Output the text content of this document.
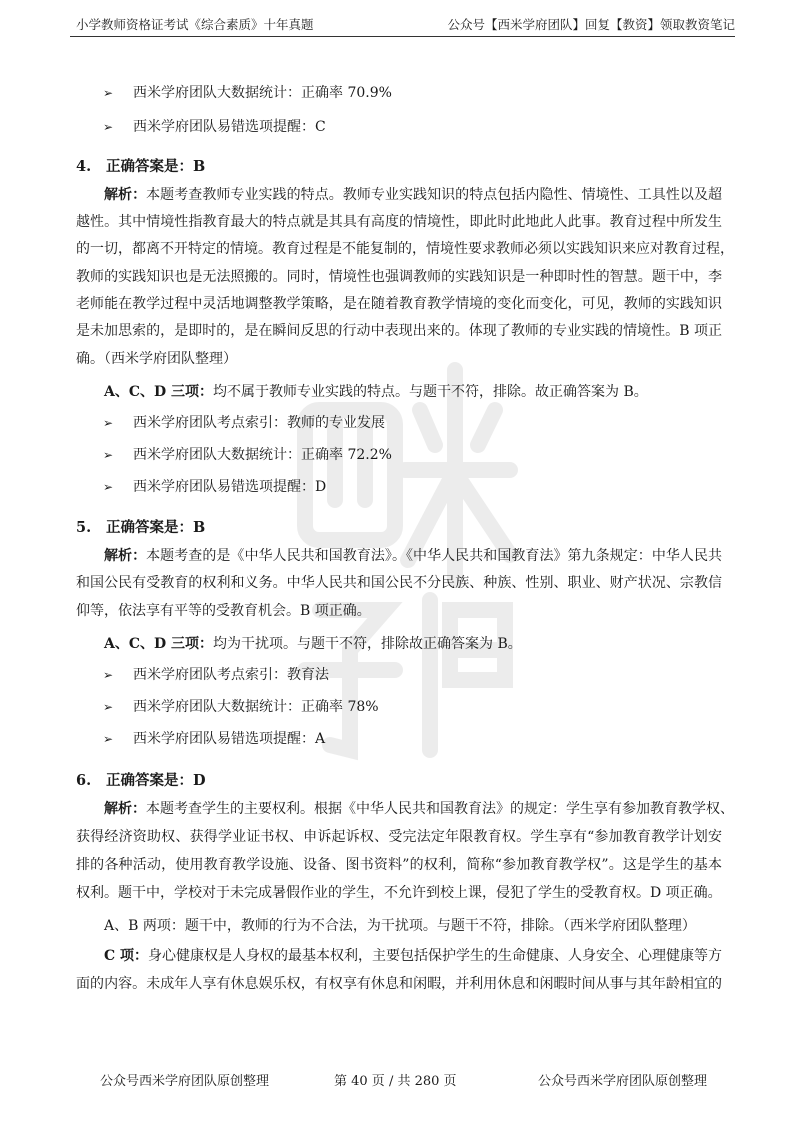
小学教师资格证考试《综合素质》十年真题	公众号【西米学府团队】回复【教资】领取教资笔记
➢ 西米学府团队大数据统计：正确率 70.9%
➢ 西米学府团队易错选项提醒：C
4. 正确答案是：B
解析：本题考查教师专业实践的特点。教师专业实践知识的特点包括内隐性、情境性、工具性以及超
越性。其中情境性指教育最大的特点就是其具有高度的情境性，即此时此地此人此事。教育过程中所发生
的一切，都离不开特定的情境。教育过程是不能复制的，情境性要求教师必须以实践知识来应对教育过程，
教师的实践知识也是无法照搬的。同时，情境性也强调教师的实践知识是一种即时性的智慧。题干中，李
老师能在教学过程中灵活地调整教学策略，是在随着教育教学情境的变化而变化，可见，教师的实践知识
是未加思索的，是即时的，是在瞬间反思的行动中表现出来的。体现了教师的专业实践的情境性。B 项正
确。（西米学府团队整理）
A、C、D 三项：均不属于教师专业实践的特点。与题干不符，排除。故正确答案为 B。
➢ 西米学府团队考点索引：教师的专业发展
➢ 西米学府团队大数据统计：正确率 72.2%
➢ 西米学府团队易错选项提醒：D
5. 正确答案是：B
解析：本题考查的是《中华人民共和国教育法》。《中华人民共和国教育法》第九条规定：中华人民共
和国公民有受教育的权利和义务。中华人民共和国公民不分民族、种族、性别、职业、财产状况、宗教信
仰等，依法享有平等的受教育机会。B 项正确。
A、C、D 三项：均为干扰项。与题干不符，排除故正确答案为 B。
➢ 西米学府团队考点索引：教育法
➢ 西米学府团队大数据统计：正确率 78%
➢ 西米学府团队易错选项提醒：A
6. 正确答案是：D
解析：本题考查学生的主要权利。根据《中华人民共和国教育法》的规定：学生享有参加教育教学权、
获得经济资助权、获得学业证书权、申诉起诉权、受完法定年限教育权。学生享有“参加教育教学计划安
排的各种活动，使用教育教学设施、设备、图书资料”的权利，简称“参加教育教学权”。这是学生的基本
权利。题干中，学校对于未完成暑假作业的学生，不允许到校上课，侵犯了学生的受教育权。D 项正确。
A、B 两项：题干中，教师的行为不合法，为干扰项。与题干不符，排除。（西米学府团队整理）
C 项：身心健康权是人身权的最基本权利，主要包括保护学生的生命健康、人身安全、心理健康等方
面的内容。未成年人享有休息娱乐权，有权享有休息和闲暇，并利用休息和闲暇时间从事与其年龄相宜的
公众号西米学府团队原创整理	第 40 页 / 共 280 页	公众号西米学府团队原创整理
